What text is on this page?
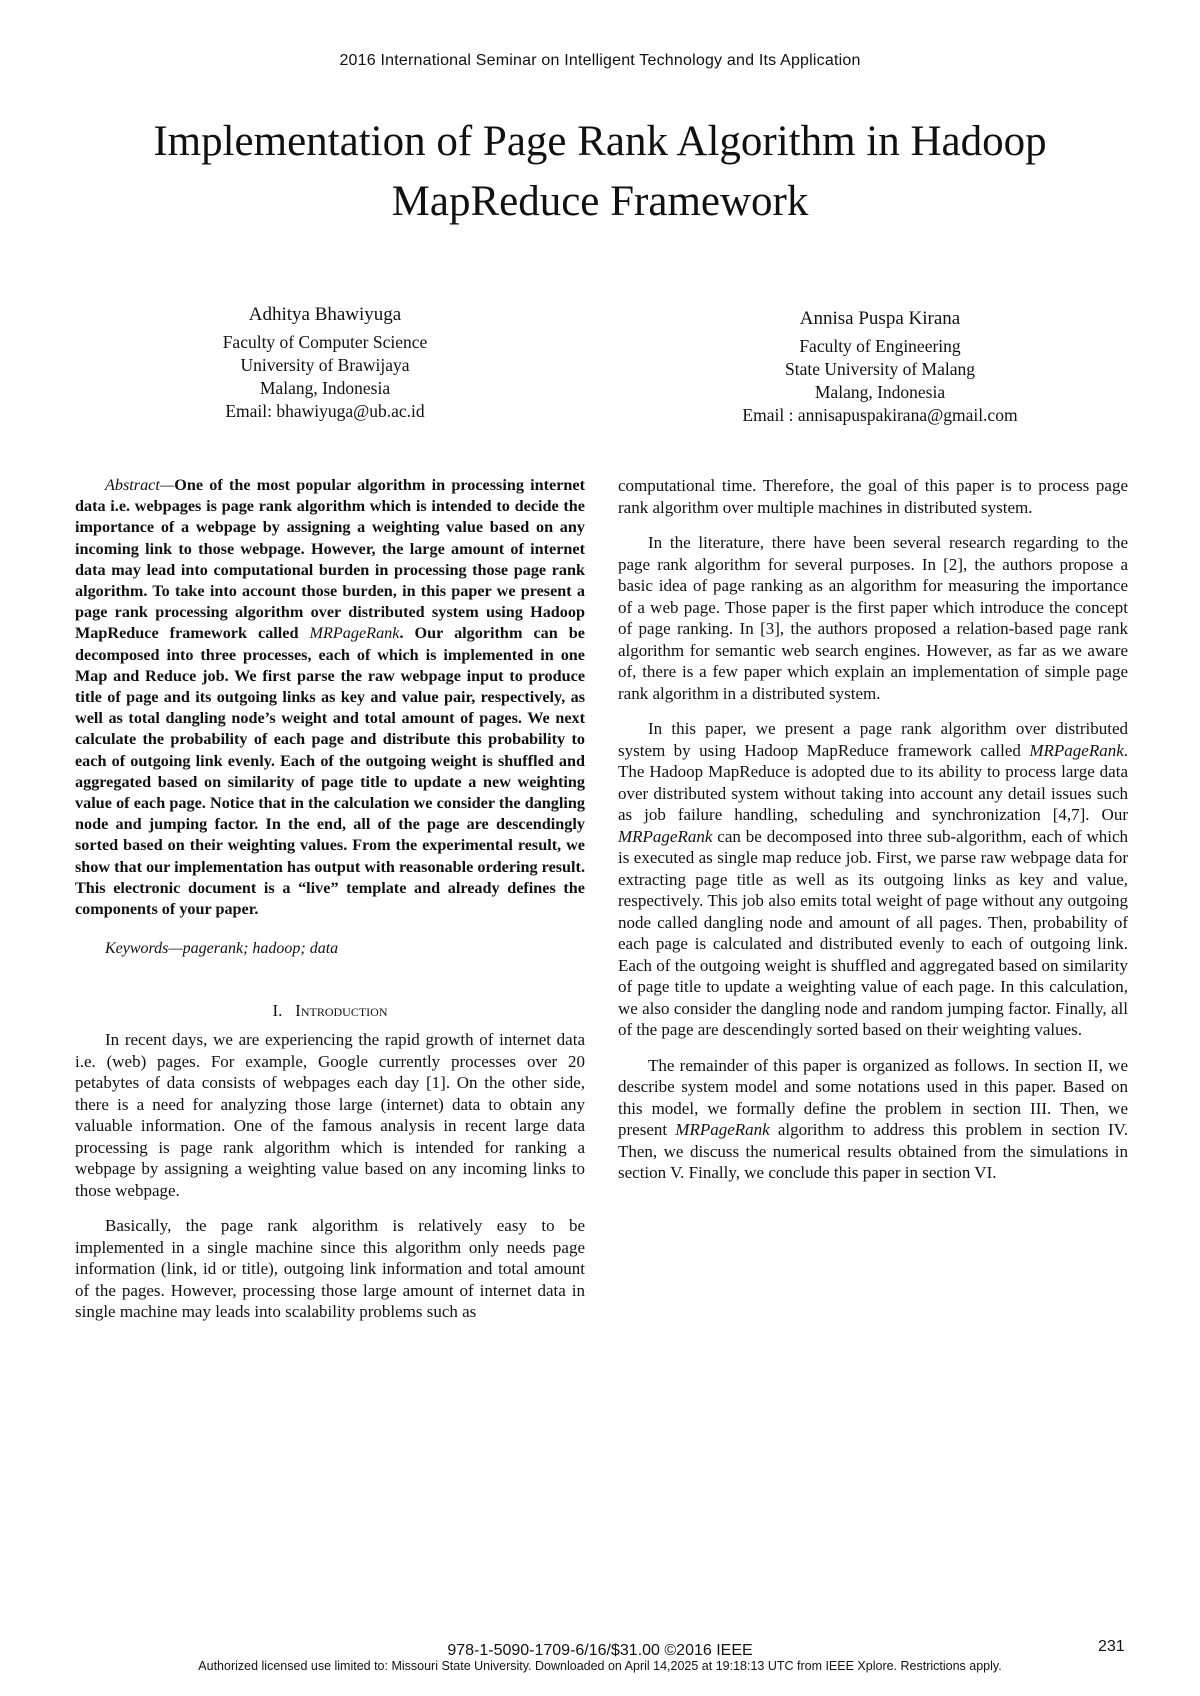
2016 International Seminar on Intelligent Technology and Its Application
Implementation of Page Rank Algorithm in Hadoop
MapReduce Framework
Adhitya Bhawiyuga
Faculty of Computer Science
University of Brawijaya
Malang, Indonesia
Email: bhawiyuga@ub.ac.id
Annisa Puspa Kirana
Faculty of Engineering
State University of Malang
Malang, Indonesia
Email : annisapuspakirana@gmail.com

Abstract—One of the most popular algorithm in processing internet data i.e. webpages is page rank algorithm which is intended to decide the importance of a webpage by assigning a weighting value based on any incoming link to those webpage. However, the large amount of internet data may lead into computational burden in processing those page rank algorithm. To take into account those burden, in this paper we present a page rank processing algorithm over distributed system using Hadoop MapReduce framework called MRPageRank. Our algorithm can be decomposed into three processes, each of which is implemented in one Map and Reduce job. We first parse the raw webpage input to produce title of page and its outgoing links as key and value pair, respectively, as well as total dangling node’s weight and total amount of pages. We next calculate the probability of each page and distribute this probability to each of outgoing link evenly. Each of the outgoing weight is shuffled and aggregated based on similarity of page title to update a new weighting value of each page. Notice that in the calculation we consider the dangling node and jumping factor. In the end, all of the page are descendingly sorted based on their weighting values. From the experimental result, we show that our implementation has output with reasonable ordering result. This electronic document is a “live” template and already defines the components of your paper.

Keywords—pagerank; hadoop; data

I. Introduction

In recent days, we are experiencing the rapid growth of internet data i.e. (web) pages. For example, Google currently processes over 20 petabytes of data consists of webpages each day [1]. On the other side, there is a need for analyzing those large (internet) data to obtain any valuable information. One of the famous analysis in recent large data processing is page rank algorithm which is intended for ranking a webpage by assigning a weighting value based on any incoming links to those webpage.

Basically, the page rank algorithm is relatively easy to be implemented in a single machine since this algorithm only needs page information (link, id or title), outgoing link information and total amount of the pages. However, processing those large amount of internet data in single machine may leads into scalability problems such as

computational time. Therefore, the goal of this paper is to process page rank algorithm over multiple machines in distributed system.

In the literature, there have been several research regarding to the page rank algorithm for several purposes. In [2], the authors propose a basic idea of page ranking as an algorithm for measuring the importance of a web page. Those paper is the first paper which introduce the concept of page ranking. In [3], the authors proposed a relation-based page rank algorithm for semantic web search engines. However, as far as we aware of, there is a few paper which explain an implementation of simple page rank algorithm in a distributed system.

In this paper, we present a page rank algorithm over distributed system by using Hadoop MapReduce framework called MRPageRank. The Hadoop MapReduce is adopted due to its ability to process large data over distributed system without taking into account any detail issues such as job failure handling, scheduling and synchronization [4,7]. Our MRPageRank can be decomposed into three sub-algorithm, each of which is executed as single map reduce job. First, we parse raw webpage data for extracting page title as well as its outgoing links as key and value, respectively. This job also emits total weight of page without any outgoing node called dangling node and amount of all pages. Then, probability of each page is calculated and distributed evenly to each of outgoing link. Each of the outgoing weight is shuffled and aggregated based on similarity of page title to update a weighting value of each page. In this calculation, we also consider the dangling node and random jumping factor. Finally, all of the page are descendingly sorted based on their weighting values.

The remainder of this paper is organized as follows. In section II, we describe system model and some notations used in this paper. Based on this model, we formally define the problem in section III. Then, we present MRPageRank algorithm to address this problem in section IV. Then, we discuss the numerical results obtained from the simulations in section V. Finally, we conclude this paper in section VI.

978-1-5090-1709-6/16/$31.00 ©2016 IEEE	231
Authorized licensed use limited to: Missouri State University. Downloaded on April 14,2025 at 19:18:13 UTC from IEEE Xplore. Restrictions apply.
